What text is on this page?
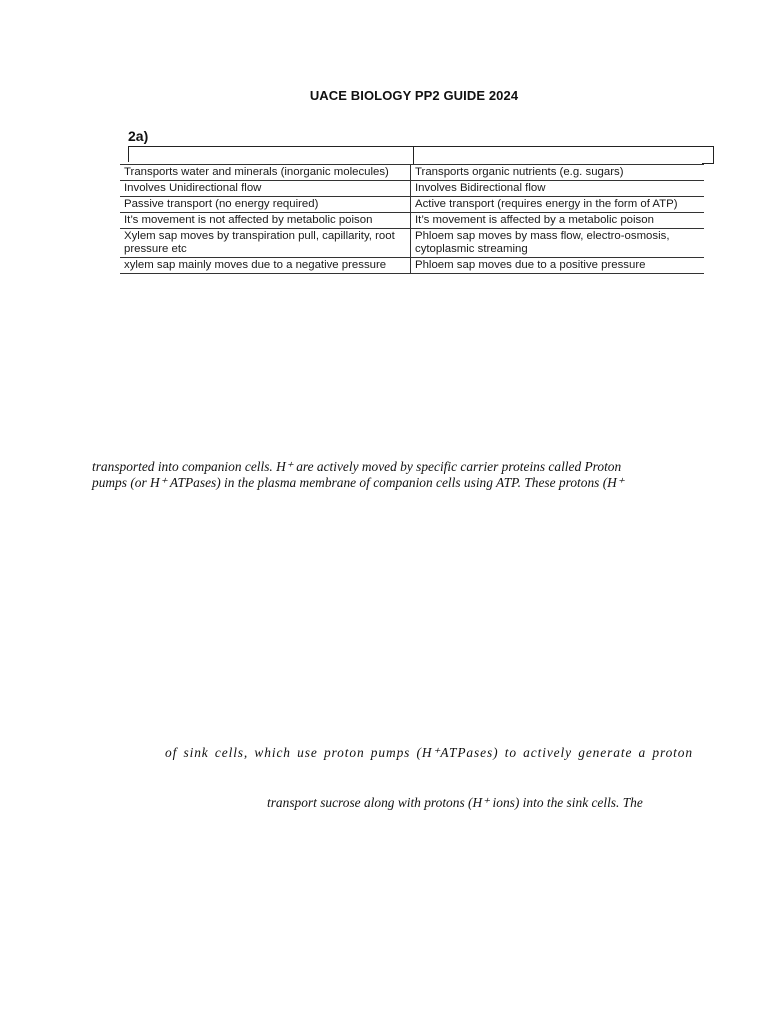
UACE BIOLOGY PP2 GUIDE 2024
2a)
Transports water and minerals (inorganic molecules)	Transports organic nutrients (e.g. sugars)
Involves Unidirectional flow	Involves Bidirectional flow
Passive transport (no energy required)	Active transport (requires energy in the form of ATP)
It’s movement is not affected by metabolic poison	It’s movement is affected by a metabolic poison
Xylem sap moves by transpiration pull, capillarity, root pressure etc	Phloem sap moves by mass flow, electro-osmosis, cytoplasmic streaming
xylem sap mainly moves due to a negative pressure	Phloem sap moves due to a positive pressure
transported into companion cells. H⁺ are actively moved by specific carrier proteins called Proton
pumps (or H⁺ ATPases) in the plasma membrane of companion cells using ATP. These protons (H⁺
of sink cells, which use proton pumps (H⁺ATPases) to actively generate a proton
transport sucrose along with protons (H⁺ ions) into the sink cells. The
